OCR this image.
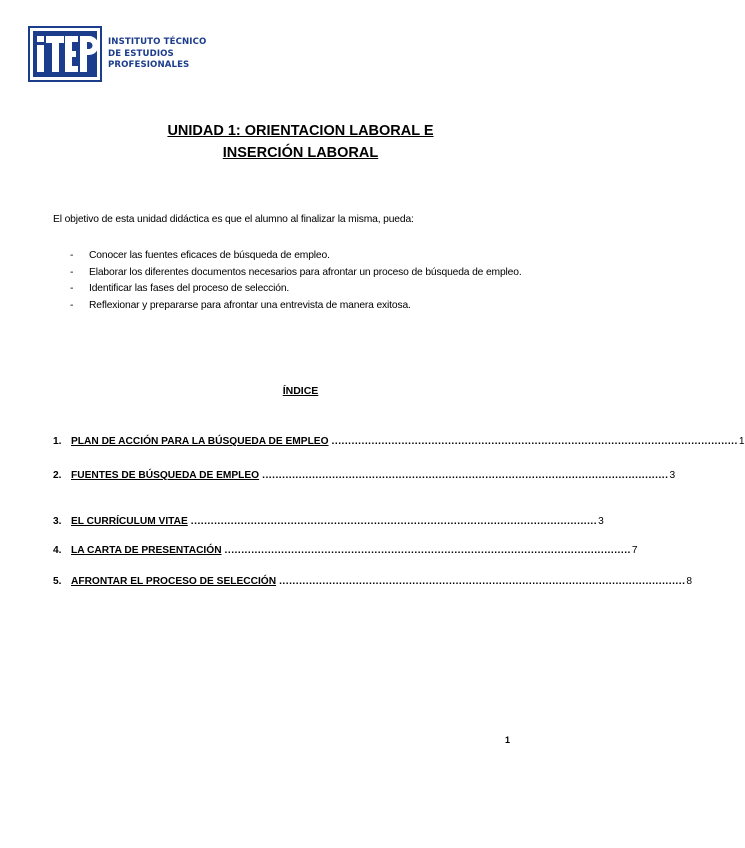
INSTITUTO TÉCNICO
DE ESTUDIOS
PROFESIONALES
UNIDAD 1: ORIENTACION LABORAL E
INSERCIÓN LABORAL
El objetivo de esta unidad didáctica es que el alumno al finalizar la misma, pueda:
- Conocer las fuentes eficaces de búsqueda de empleo.
- Elaborar los diferentes documentos necesarios para afrontar un proceso de búsqueda de empleo.
- Identificar las fases del proceso de selección.
- Reflexionar y prepararse para afrontar una entrevista de manera exitosa.
ÍNDICE
1. PLAN DE ACCIÓN PARA LA BÚSQUEDA DE EMPLEO .......................................................................................................................... 1
2. FUENTES DE BÚSQUEDA DE EMPLEO .......................................................................................................................... 3
3. EL CURRÍCULUM VITAE .......................................................................................................................... 3
4. LA CARTA DE PRESENTACIÓN .......................................................................................................................... 7
5. AFRONTAR EL PROCESO DE SELECCIÓN .......................................................................................................................... 8
1
